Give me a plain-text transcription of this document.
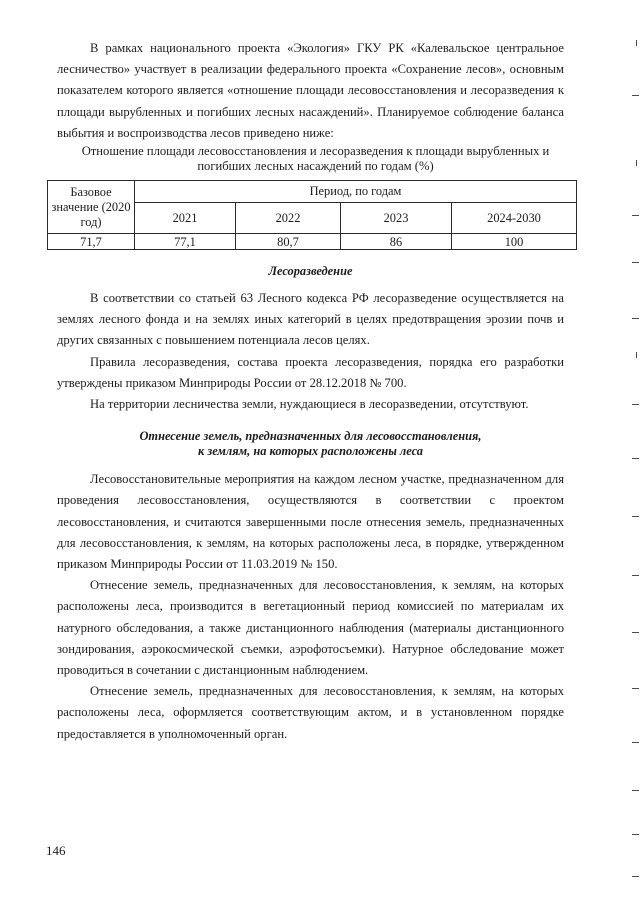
В рамках национального проекта «Экология» ГКУ РК «Калевальское центральное лесничество» участвует в реализации федерального проекта «Сохранение лесов», основным показателем которого является «отношение площади лесовосстановления и лесоразведения к площади вырубленных и погибших лесных насаждений». Планируемое соблюдение баланса выбытия и воспроизводства лесов приведено ниже:

Отношение площади лесовосстановления и лесоразведения к площади вырубленных и погибших лесных насаждений по годам (%)

Базовое значение (2020 год)	Период, по годам			
	2021	2022	2023	2024-2030
71,7	77,1	80,7	86	100
Лесоразведение

В соответствии со статьей 63 Лесного кодекса РФ лесоразведение осуществляется на землях лесного фонда и на землях иных категорий в целях предотвращения эрозии почв и других связанных с повышением потенциала лесов целях.

Правила лесоразведения, состава проекта лесоразведения, порядка его разработки утверждены приказом Минприроды России от 28.12.2018 № 700.

На территории лесничества земли, нуждающиеся в лесоразведении, отсутствуют.

Отнесение земель, предназначенных для лесовосстановления,
к землям, на которых расположены леса

Лесовосстановительные мероприятия на каждом лесном участке, предназначенном для проведения лесовосстановления, осуществляются в соответствии с проектом лесовосстановления, и считаются завершенными после отнесения земель, предназначенных для лесовосстановления, к землям, на которых расположены леса, в порядке, утвержденном приказом Минприроды России от 11.03.2019 № 150.

Отнесение земель, предназначенных для лесовосстановления, к землям, на которых расположены леса, производится в вегетационный период комиссией по материалам их натурного обследования, а также дистанционного наблюдения (материалы дистанционного зондирования, аэрокосмической съемки, аэрофотосъемки). Натурное обследование может проводиться в сочетании с дистанционным наблюдением.

Отнесение земель, предназначенных для лесовосстановления, к землям, на которых расположены леса, оформляется соответствующим актом, и в установленном порядке предоставляется в уполномоченный орган.

146
